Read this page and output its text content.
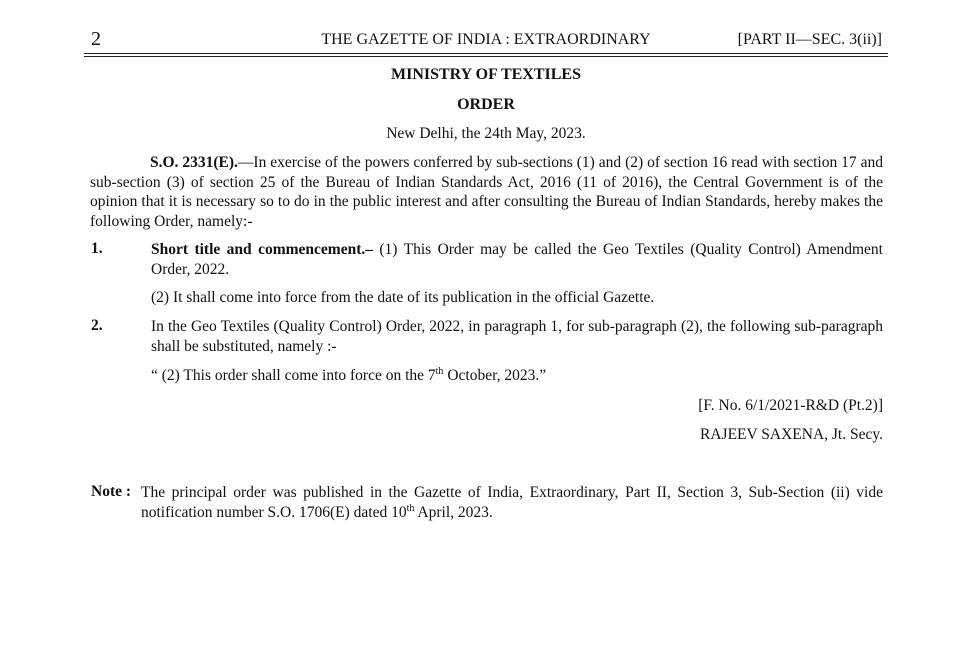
2	THE GAZETTE OF INDIA : EXTRAORDINARY	[PART II—SEC. 3(ii)]
MINISTRY OF TEXTILES
ORDER
New Delhi, the 24th May, 2023.
S.O. 2331(E).—In exercise of the powers conferred by sub-sections (1) and (2) of section 16 read with section 17 and sub-section (3) of section 25 of the Bureau of Indian Standards Act, 2016 (11 of 2016), the Central Government is of the opinion that it is necessary so to do in the public interest and after consulting the Bureau of Indian Standards, hereby makes the following Order, namely:-
1.	Short title and commencement.– (1) This Order may be called the Geo Textiles (Quality Control) Amendment Order, 2022.
(2) It shall come into force from the date of its publication in the official Gazette.
2.	In the Geo Textiles (Quality Control) Order, 2022, in paragraph 1, for sub-paragraph (2), the following sub-paragraph shall be substituted, namely :-
“ (2) This order shall come into force on the 7th October, 2023.”
[F. No. 6/1/2021-R&D (Pt.2)]
RAJEEV SAXENA, Jt. Secy.
Note : The principal order was published in the Gazette of India, Extraordinary, Part II, Section 3, Sub-Section (ii) vide notification number S.O. 1706(E) dated 10th April, 2023.
